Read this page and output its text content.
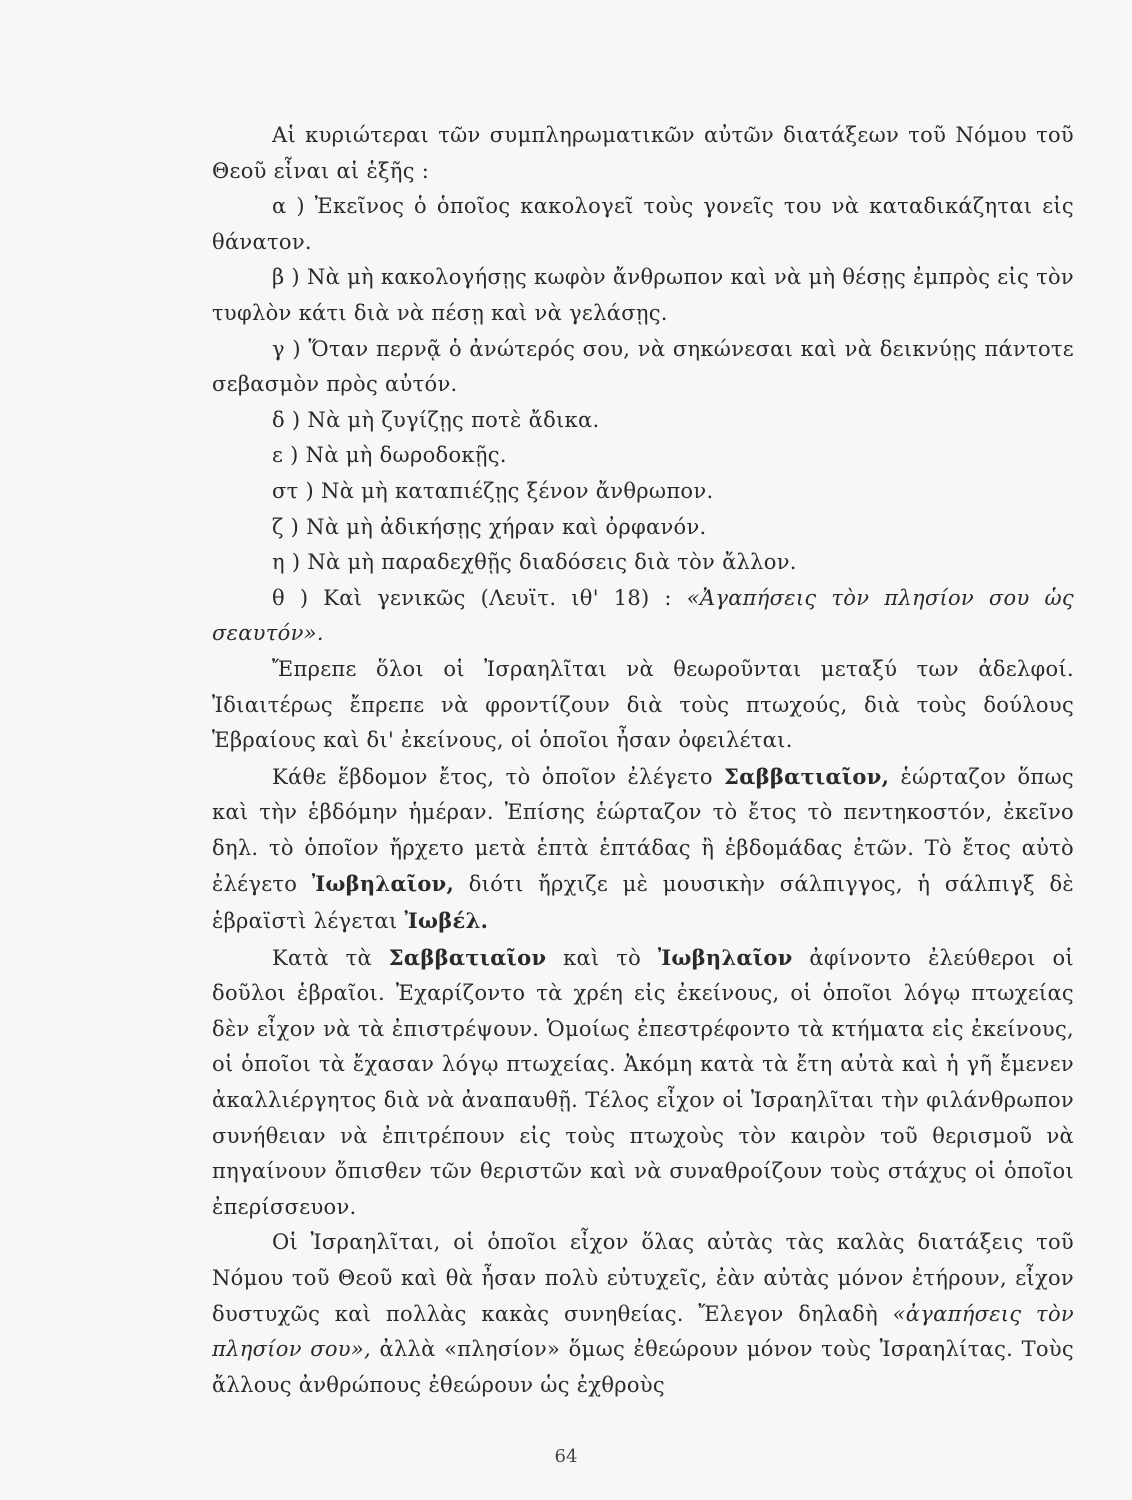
Αἱ κυριώτεραι τῶν συμπληρωματικῶν αὐτῶν διατάξεων τοῦ Νόμου τοῦ Θεοῦ εἶναι αἱ ἑξῆς :

α ) Ἐκεῖνος ὁ ὁποῖος κακολογεῖ τοὺς γονεῖς του νὰ καταδικάζηται εἰς θάνατον.

β ) Νὰ μὴ κακολογήσῃς κωφὸν ἄνθρωπον καὶ νὰ μὴ θέσῃς ἐμπρὸς εἰς τὸν τυφλὸν κάτι διὰ νὰ πέσῃ καὶ νὰ γελάσῃς.

γ ) Ὅταν περνᾷ ὁ ἀνώτερός σου, νὰ σηκώνεσαι καὶ νὰ δεικνύῃς πάντοτε σεβασμὸν πρὸς αὐτόν.

δ ) Νὰ μὴ ζυγίζῃς ποτὲ ἄδικα.

ε ) Νὰ μὴ δωροδοκῇς.

στ ) Νὰ μὴ καταπιέζῃς ξένον ἄνθρωπον.

ζ ) Νὰ μὴ ἀδικήσῃς χήραν καὶ ὀρφανόν.

η ) Νὰ μὴ παραδεχθῇς διαδόσεις διὰ τὸν ἄλλον.

θ ) Καὶ γενικῶς (Λευϊτ. ιθ' 18) : «Ἀγαπήσεις τὸν πλησίον σου ὡς σεαυτόν».

Ἔπρεπε ὅλοι οἱ Ἰσραηλῖται νὰ θεωροῦνται μεταξύ των ἀδελφοί. Ἰδιαιτέρως ἔπρεπε νὰ φροντίζουν διὰ τοὺς πτωχούς, διὰ τοὺς δούλους Ἑβραίους καὶ δι' ἐκείνους, οἱ ὁποῖοι ἦσαν ὀφειλέται.

Κάθε ἕβδομον ἔτος, τὸ ὁποῖον ἐλέγετο Σαββατιαῖον, ἑώρταζον ὅπως καὶ τὴν ἑβδόμην ἡμέραν. Ἐπίσης ἑώρταζον τὸ ἔτος τὸ πεντηκοστόν, ἐκεῖνο δηλ. τὸ ὁποῖον ἤρχετο μετὰ ἑπτὰ ἑπτάδας ἢ ἑβδομάδας ἐτῶν. Τὸ ἔτος αὐτὸ ἐλέγετο Ἰωβηλαῖον, διότι ἤρχιζε μὲ μουσικὴν σάλπιγγος, ἡ σάλπιγξ δὲ ἑβραϊστὶ λέγεται Ἰωβέλ.

Κατὰ τὰ Σαββατιαῖον καὶ τὸ Ἰωβηλαῖον ἀφίνοντο ἐλεύθεροι οἱ δοῦλοι ἑβραῖοι. Ἐχαρίζοντο τὰ χρέη εἰς ἐκείνους, οἱ ὁποῖοι λόγῳ πτωχείας δὲν εἶχον νὰ τὰ ἐπιστρέψουν. Ὁμοίως ἐπεστρέφοντο τὰ κτήματα εἰς ἐκείνους, οἱ ὁποῖοι τὰ ἔχασαν λόγῳ πτωχείας. Ἀκόμη κατὰ τὰ ἔτη αὐτὰ καὶ ἡ γῆ ἔμενεν ἀκαλλιέργητος διὰ νὰ ἀναπαυθῇ. Τέλος εἶχον οἱ Ἰσραηλῖται τὴν φιλάνθρωπον συνήθειαν νὰ ἐπιτρέπουν εἰς τοὺς πτωχοὺς τὸν καιρὸν τοῦ θερισμοῦ νὰ πηγαίνουν ὄπισθεν τῶν θεριστῶν καὶ νὰ συναθροίζουν τοὺς στάχυς οἱ ὁποῖοι ἐπερίσσευον.

Οἱ Ἰσραηλῖται, οἱ ὁποῖοι εἶχον ὅλας αὐτὰς τὰς καλὰς διατάξεις τοῦ Νόμου τοῦ Θεοῦ καὶ θὰ ἦσαν πολὺ εὐτυχεῖς, ἐὰν αὐτὰς μόνον ἐτήρουν, εἶχον δυστυχῶς καὶ πολλὰς κακὰς συνηθείας. Ἔλεγον δηλαδὴ «ἀγαπήσεις τὸν πλησίον σου», ἀλλὰ «πλησίον» ὅμως ἐθεώρουν μόνον τοὺς Ἰσραηλίτας. Τοὺς ἄλλους ἀνθρώπους ἐθεώρουν ὡς ἐχθροὺς

64
